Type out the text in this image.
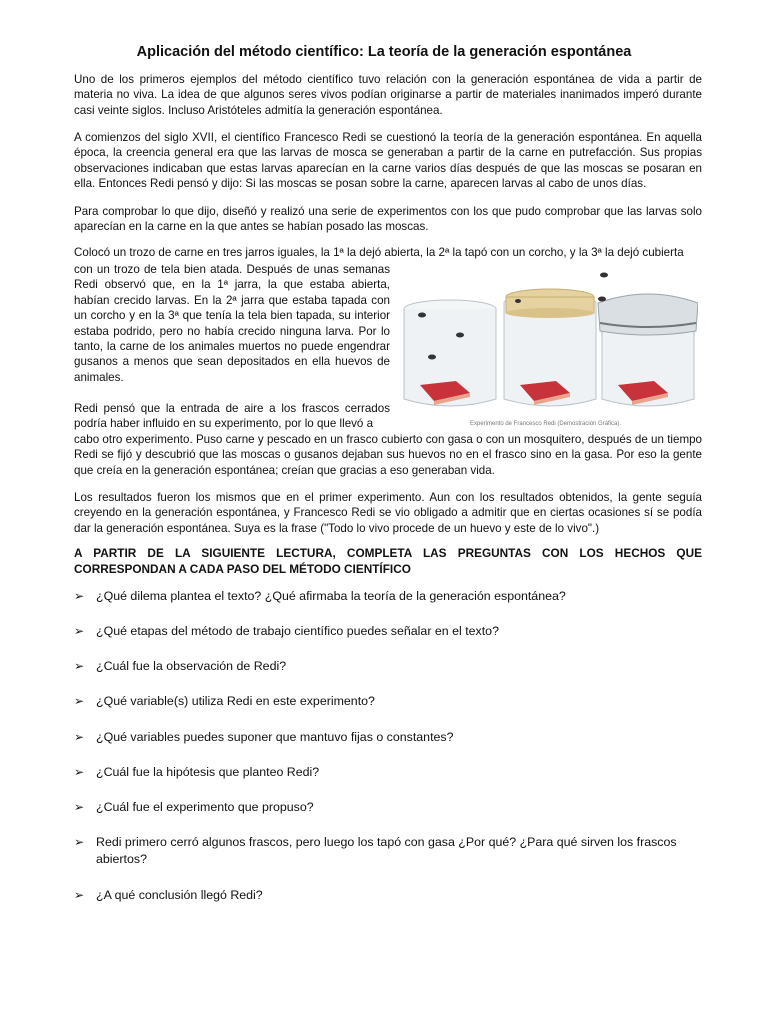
Aplicación del método científico: La teoría de la generación espontánea

Uno de los primeros ejemplos del método científico tuvo relación con la generación espontánea de vida a partir de materia no viva. La idea de que algunos seres vivos podían originarse a partir de materiales inanimados imperó durante casi veinte siglos. Incluso Aristóteles admitía la generación espontánea.

A comienzos del siglo XVII, el científico Francesco Redi se cuestionó la teoría de la generación espontánea. En aquella época, la creencia general era que las larvas de mosca se generaban a partir de la carne en putrefacción. Sus propias observaciones indicaban que estas larvas aparecían en la carne varios días después de que las moscas se posaran en ella. Entonces Redi pensó y dijo: Si las moscas se posan sobre la carne, aparecen larvas al cabo de unos días.

Para comprobar lo que dijo, diseñó y realizó una serie de experimentos con los que pudo comprobar que las larvas solo aparecían en la carne en la que antes se habían posado las moscas.

Colocó un trozo de carne en tres jarros iguales, la 1ª la dejó abierta, la 2ª la tapó con un corcho, y la 3ª la dejó cubierta

con un trozo de tela bien atada. Después de unas semanas Redi observó que, en la 1ª jarra, la que estaba abierta, habían crecido larvas. En la 2ª jarra que estaba tapada con un corcho y en la 3ª que tenía la tela bien tapada, su interior estaba podrido, pero no había crecido ninguna larva. Por lo tanto, la carne de los animales muertos no puede engendrar gusanos a menos que sean depositados en ella huevos de animales.

Redi pensó que la entrada de aire a los frascos cerrados podría haber influido en su experimento, por lo que llevó a

cabo otro experimento. Puso carne y pescado en un frasco cubierto con gasa o con un mosquitero, después de un tiempo Redi se fijó y descubrió que las moscas o gusanos dejaban sus huevos no en el frasco sino en la gasa. Por eso la gente que creía en la generación espontánea; creían que gracias a eso generaban vida.

Los resultados fueron los mismos que en el primer experimento. Aun con los resultados obtenidos, la gente seguía creyendo en la generación espontánea, y Francesco Redi se vio obligado a admitir que en ciertas ocasiones sí se podía dar la generación espontánea. Suya es la frase ("Todo lo vivo procede de un huevo y este de lo vivo".)

Experimento de Francesco Redi (Demostración Gráfica).
A PARTIR DE LA SIGUIENTE LECTURA, COMPLETA LAS PREGUNTAS CON LOS HECHOS QUE CORRESPONDAN A CADA PASO DEL MÉTODO CIENTÍFICO
➢ ¿Qué dilema plantea el texto? ¿Qué afirmaba la teoría de la generación espontánea?
➢ ¿Qué etapas del método de trabajo científico puedes señalar en el texto?
➢ ¿Cuál fue la observación de Redi?
➢ ¿Qué variable(s) utiliza Redi en este experimento?
➢ ¿Qué variables puedes suponer que mantuvo fijas o constantes?
➢ ¿Cuál fue la hipótesis que planteo Redi?
➢ ¿Cuál fue el experimento que propuso?
➢ Redi primero cerró algunos frascos, pero luego los tapó con gasa ¿Por qué? ¿Para qué sirven los frascos abiertos?
➢ ¿A qué conclusión llegó Redi?
